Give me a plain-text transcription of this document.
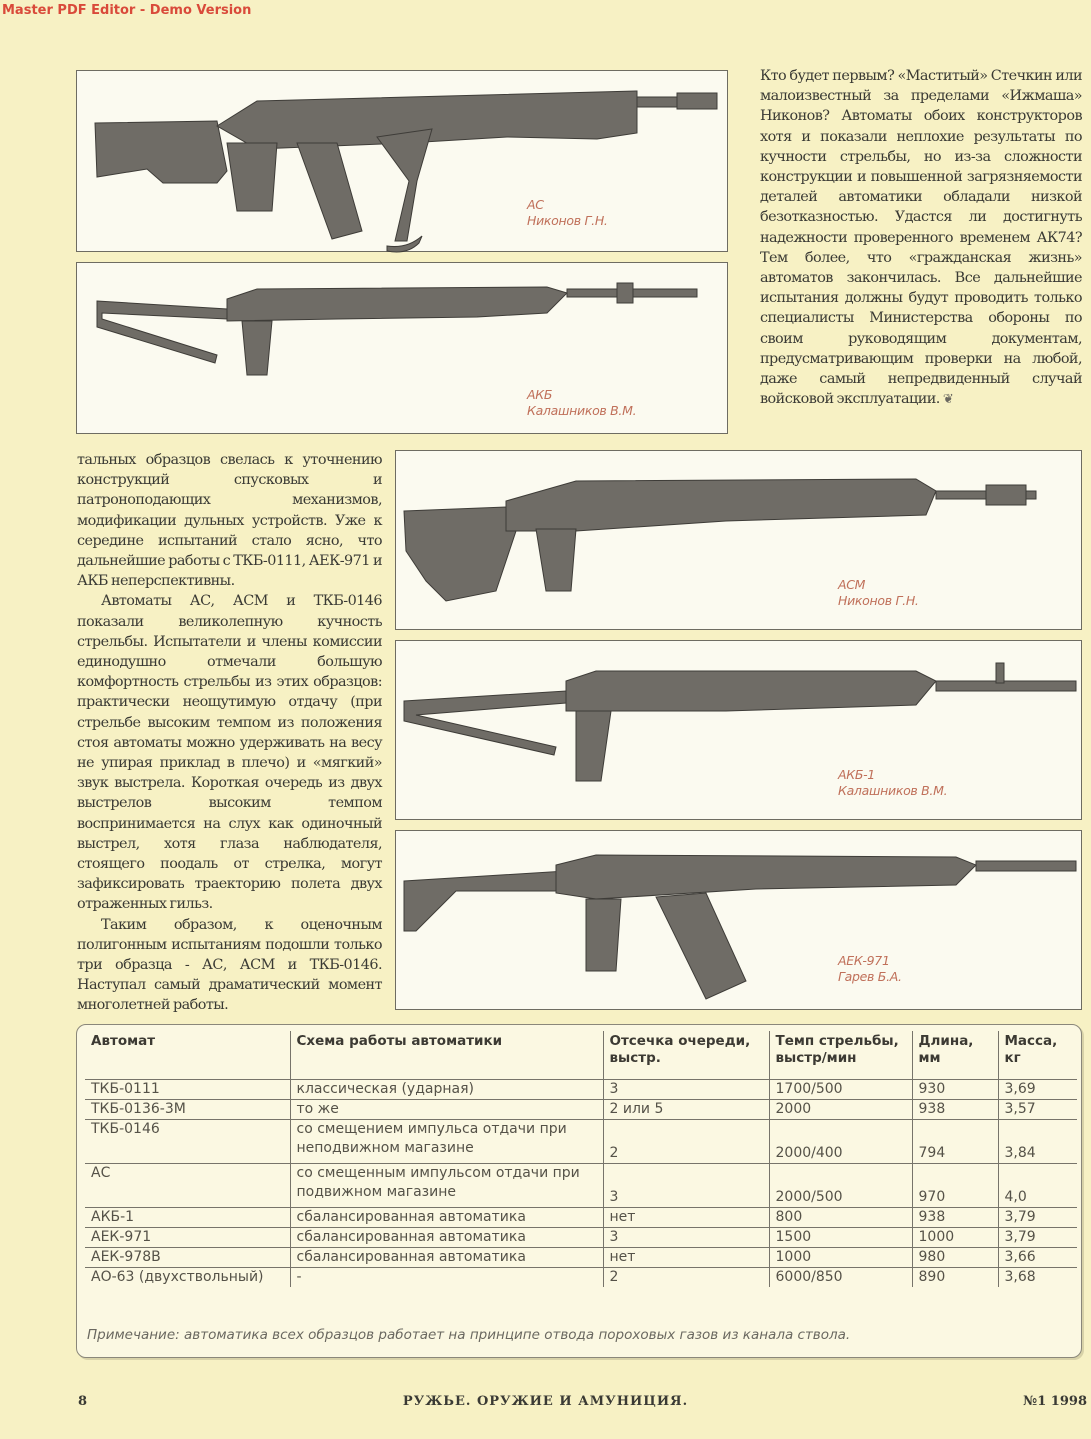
Master PDF Editor - Demo Version
АС
Никонов Г.Н.
АКБ
Калашников В.М.

Кто будет первым? «Маститый» Стечкин или малоизвестный за пределами «Ижмаша» Никонов? Автоматы обоих конструкторов хотя и показали неплохие результаты по кучности стрельбы, но из-за сложности конструкции и повышенной загрязняемости деталей автоматики обладали низкой безотказностью. Удастся ли достигнуть надежности проверенного временем АК74? Тем более, что «гражданская жизнь» автоматов закончилась. Все дальнейшие испытания должны будут проводить только специалисты Министерства обороны по своим руководящим документам, предусматривающим проверки на любой, даже самый непредвиденный случай войсковой эксплуатации. ❦

тальных образцов свелась к уточнению конструкций спусковых и патроноподающих механизмов, модификации дульных устройств. Уже к середине испытаний стало ясно, что дальнейшие работы с ТКБ-0111, АЕК-971 и АКБ неперспективны.

Автоматы АС, АСМ и ТКБ-0146 показали великолепную кучность стрельбы. Испытатели и члены комиссии единодушно отмечали большую комфортность стрельбы из этих образцов: практически неощутимую отдачу (при стрельбе высоким темпом из положения стоя автоматы можно удерживать на весу не упирая приклад в плечо) и «мягкий» звук выстрела. Короткая очередь из двух выстрелов высоким темпом воспринимается на слух как одиночный выстрел, хотя глаза наблюдателя, стоящего поодаль от стрелка, могут зафиксировать траекторию полета двух отраженных гильз.

Таким образом, к оценочным полигонным испытаниям подошли только три образца - АС, АСМ и ТКБ-0146. Наступал самый драматический момент многолетней работы.

АСМ
Никонов Г.Н.
АКБ-1
Калашников В.М.
АЕК-971
Гарев Б.А.
Автомат	Схема работы автоматики	Отсечка очереди, выстр.	Темп стрельбы, выстр/мин	Длина, мм	Масса, кг
ТКБ-0111	классическая (ударная)	3	1700/500	930	3,69
ТКБ-0136-3М	то же	2 или 5	2000	938	3,57
ТКБ-0146	со смещением импульса отдачи при неподвижном магазине	2	2000/400	794	3,84
АС	со смещенным импульсом отдачи при подвижном магазине	3	2000/500	970	4,0
АКБ-1	сбалансированная автоматика	нет	800	938	3,79
АЕК-971	сбалансированная автоматика	3	1500	1000	3,79
АЕК-978В	сбалансированная автоматика	нет	1000	980	3,66
АО-63 (двухствольный)	-	2	6000/850	890	3,68
Примечание: автоматика всех образцов работает на принципе отвода пороховых газов из канала ствола.
8	РУЖЬЕ. ОРУЖИЕ И АМУНИЦИЯ.	№1 1998
